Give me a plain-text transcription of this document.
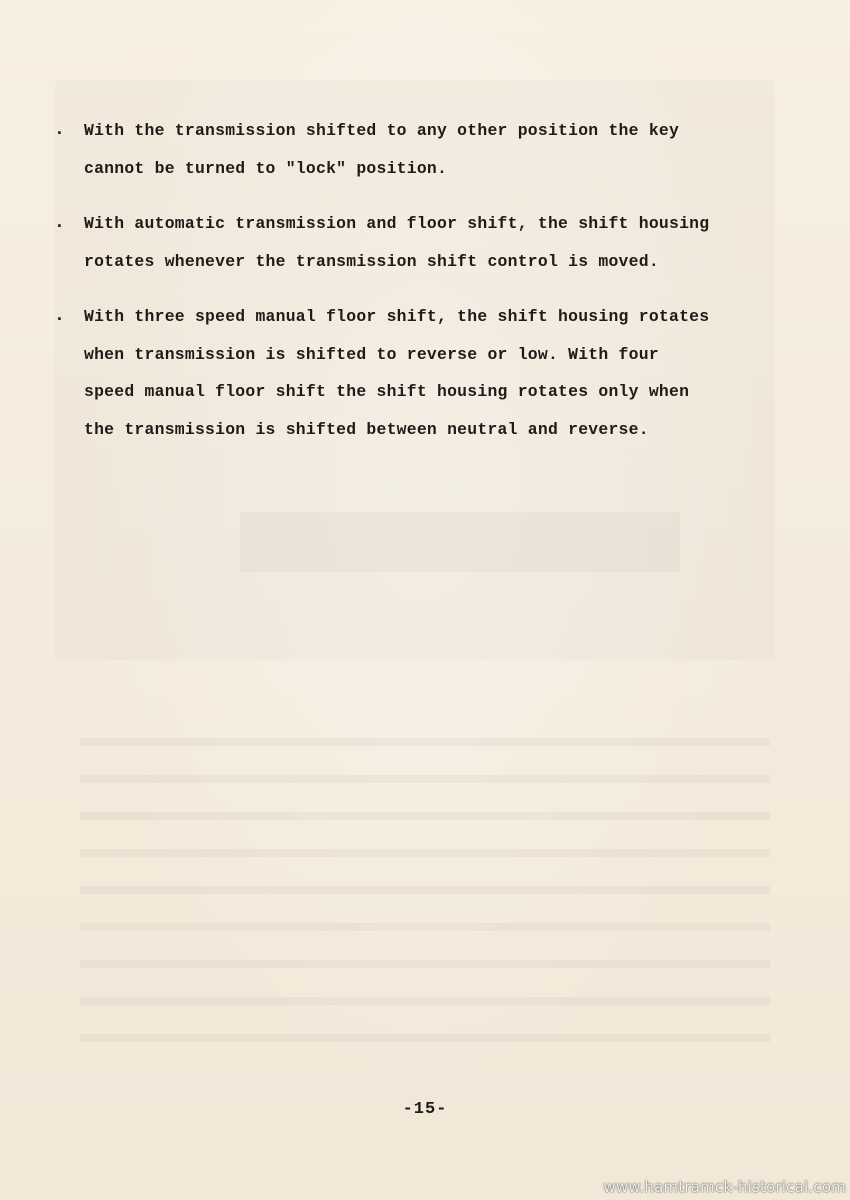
. With the transmission shifted to any other position the key
cannot be turned to "lock" position.
. With automatic transmission and floor shift, the shift housing
rotates whenever the transmission shift control is moved.
. With three speed manual floor shift, the shift housing rotates
when transmission is shifted to reverse or low. With four
speed manual floor shift the shift housing rotates only when
the transmission is shifted between neutral and reverse.
-15-
www.hamtramck-historical.com
